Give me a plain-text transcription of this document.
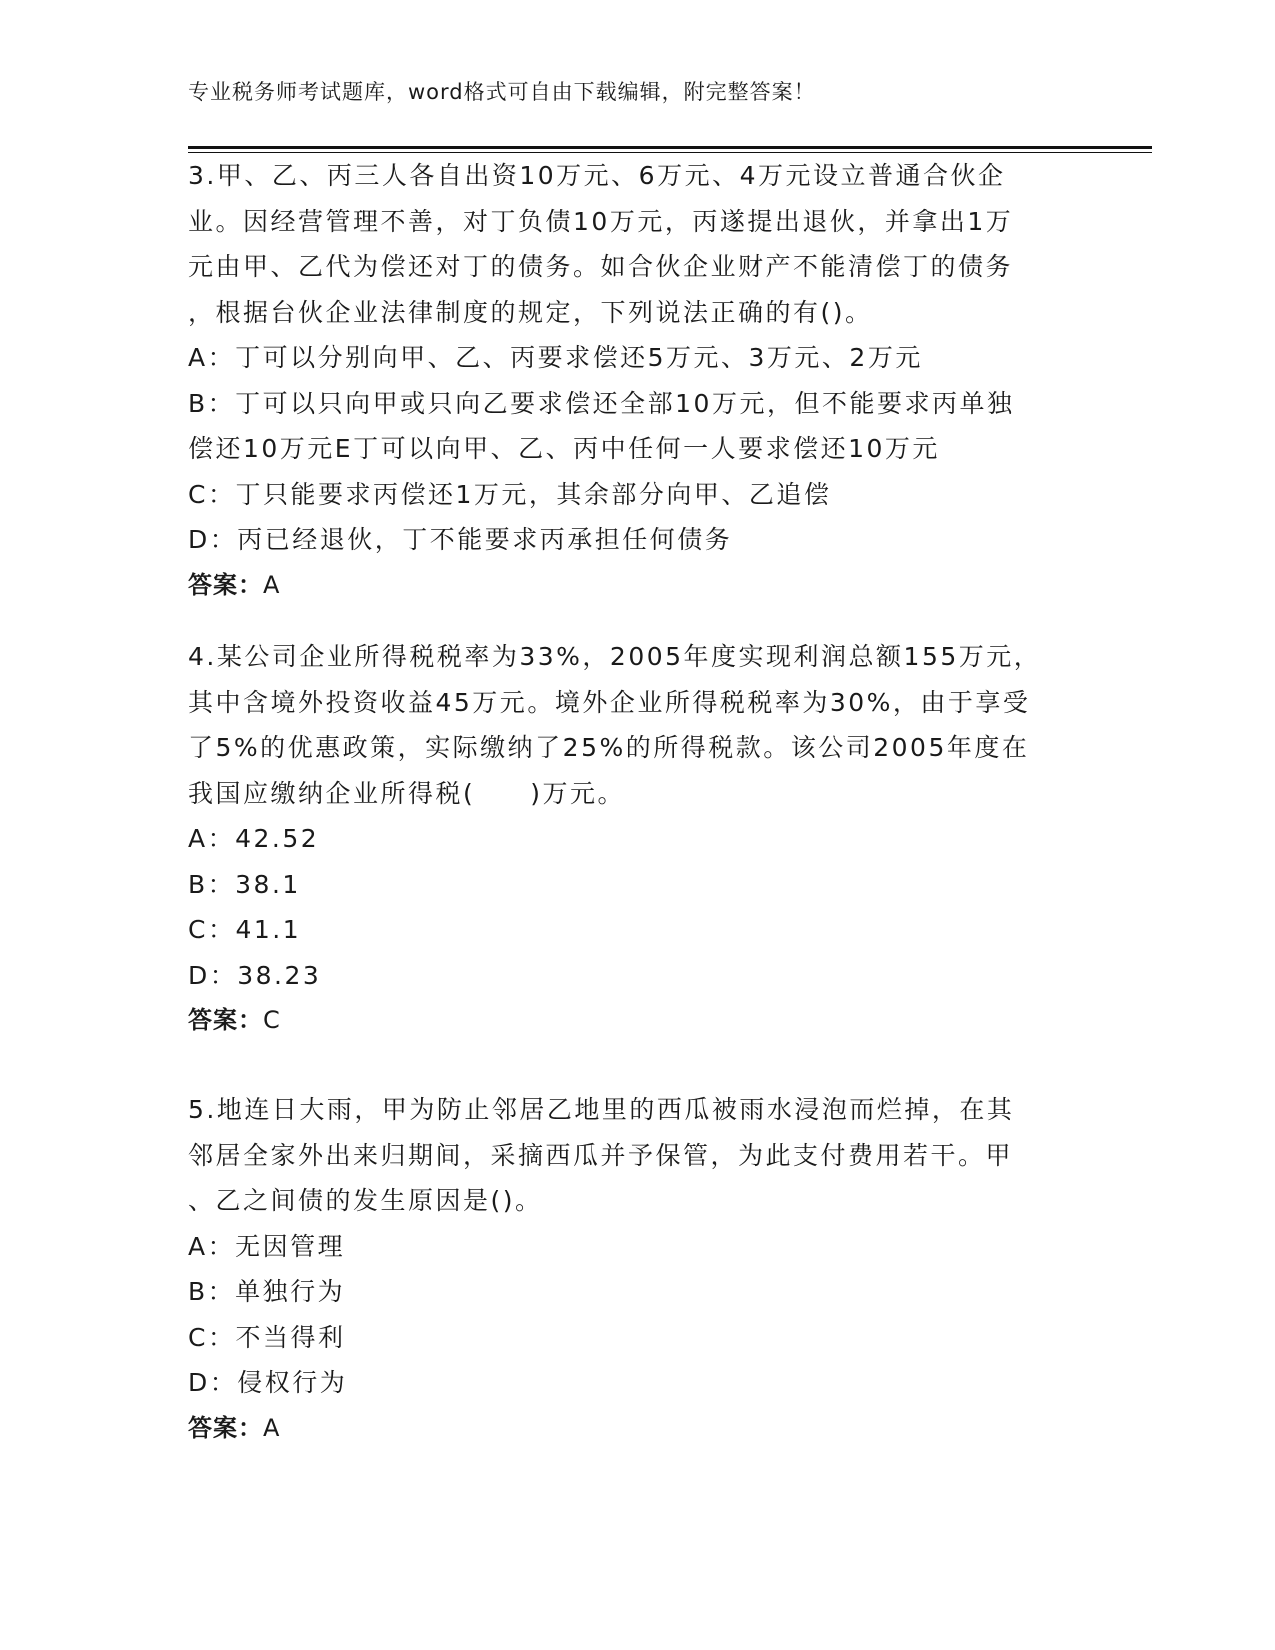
专业税务师考试题库，word格式可自由下载编辑，附完整答案！
3.甲、乙、丙三人各自出资10万元、6万元、4万元设立普通合伙企
业。因经营管理不善，对丁负债10万元，丙遂提出退伙，并拿出1万
元由甲、乙代为偿还对丁的债务。如合伙企业财产不能清偿丁的债务
，根据台伙企业法律制度的规定，下列说法正确的有()。
A：丁可以分别向甲、乙、丙要求偿还5万元、3万元、2万元
B：丁可以只向甲或只向乙要求偿还全部10万元，但不能要求丙单独
偿还10万元E丁可以向甲、乙、丙中任何一人要求偿还10万元
C：丁只能要求丙偿还1万元，其余部分向甲、乙追偿
D：丙已经退伙，丁不能要求丙承担任何债务
答案：A
4.某公司企业所得税税率为33%，2005年度实现利润总额155万元，
其中含境外投资收益45万元。境外企业所得税税率为30%，由于享受
了5%的优惠政策，实际缴纳了25%的所得税款。该公司2005年度在
我国应缴纳企业所得税(　　)万元。
A：42.52
B：38.1
C：41.1
D：38.23
答案：C
5.地连日大雨，甲为防止邻居乙地里的西瓜被雨水浸泡而烂掉，在其
邻居全家外出来归期间，采摘西瓜并予保管，为此支付费用若干。甲
、乙之间债的发生原因是()。
A：无因管理
B：单独行为
C：不当得利
D：侵权行为
答案：A
